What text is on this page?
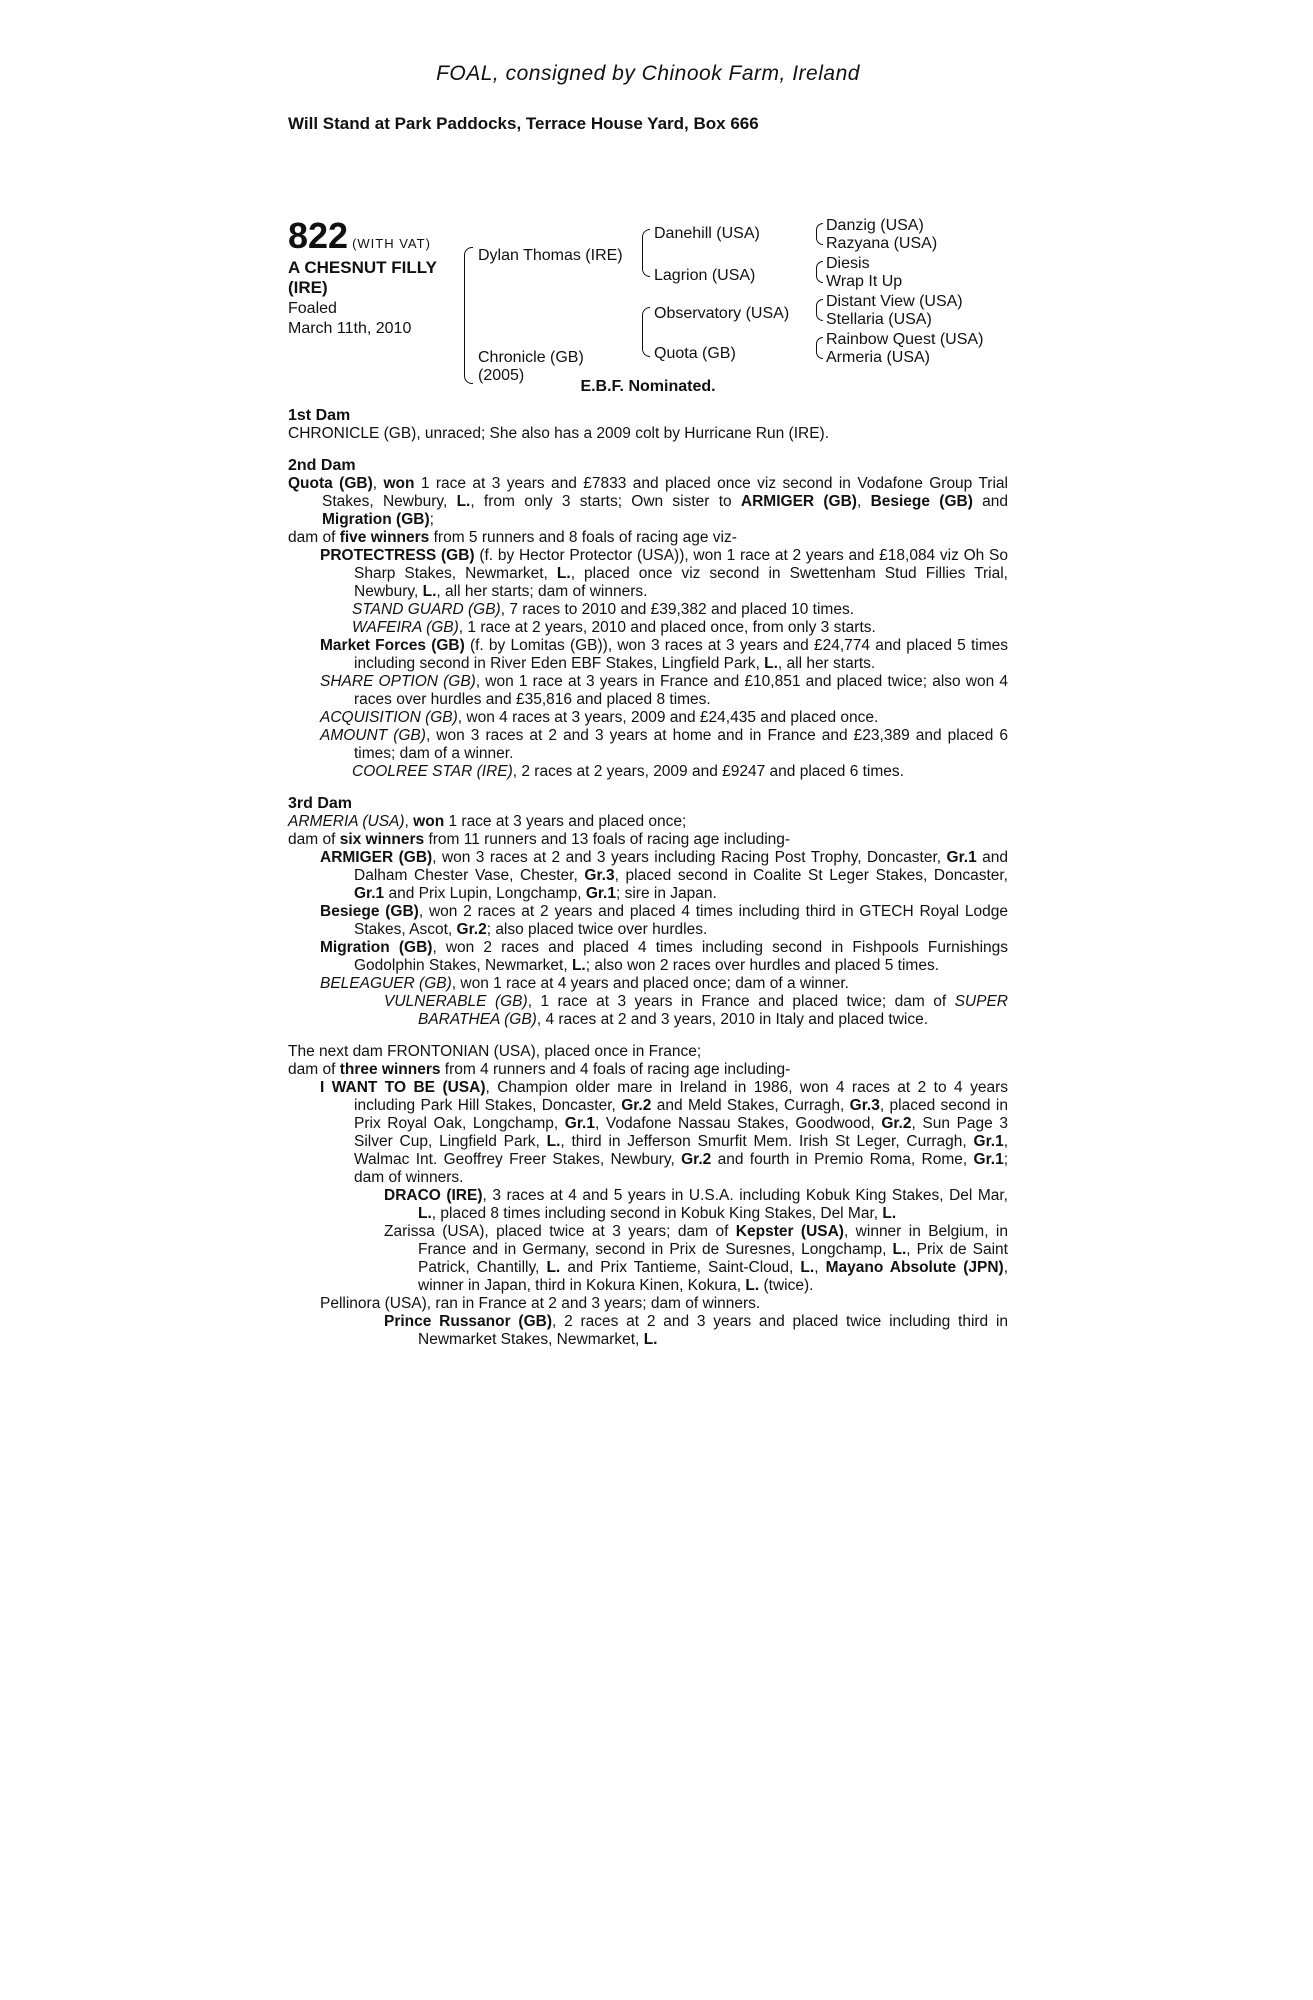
FOAL, consigned by Chinook Farm, Ireland
Will Stand at Park Paddocks, Terrace House Yard, Box 666
822 (WITH VAT)
A CHESNUT FILLY
(IRE)
Foaled
March 11th, 2010
Dylan Thomas (IRE)
Chronicle (GB)
(2005)
Danehill (USA)
Lagrion (USA)
Observatory (USA)
Quota (GB)
Danzig (USA)
Razyana (USA)
Diesis
Wrap It Up
Distant View (USA)
Stellaria (USA)
Rainbow Quest (USA)
Armeria (USA)
E.B.F. Nominated.
1st Dam

CHRONICLE (GB), unraced; She also has a 2009 colt by Hurricane Run (IRE).

2nd Dam

Quota (GB), won 1 race at 3 years and £7833 and placed once viz second in Vodafone Group Trial Stakes, Newbury, L., from only 3 starts; Own sister to ARMIGER (GB), Besiege (GB) and Migration (GB);

dam of five winners from 5 runners and 8 foals of racing age viz-

PROTECTRESS (GB) (f. by Hector Protector (USA)), won 1 race at 2 years and £18,084 viz Oh So Sharp Stakes, Newmarket, L., placed once viz second in Swettenham Stud Fillies Trial, Newbury, L., all her starts; dam of winners.

STAND GUARD (GB), 7 races to 2010 and £39,382 and placed 10 times.

WAFEIRA (GB), 1 race at 2 years, 2010 and placed once, from only 3 starts.

Market Forces (GB) (f. by Lomitas (GB)), won 3 races at 3 years and £24,774 and placed 5 times including second in River Eden EBF Stakes, Lingfield Park, L., all her starts.

SHARE OPTION (GB), won 1 race at 3 years in France and £10,851 and placed twice; also won 4 races over hurdles and £35,816 and placed 8 times.

ACQUISITION (GB), won 4 races at 3 years, 2009 and £24,435 and placed once.

AMOUNT (GB), won 3 races at 2 and 3 years at home and in France and £23,389 and placed 6 times; dam of a winner.

COOLREE STAR (IRE), 2 races at 2 years, 2009 and £9247 and placed 6 times.

3rd Dam

ARMERIA (USA), won 1 race at 3 years and placed once;

dam of six winners from 11 runners and 13 foals of racing age including-

ARMIGER (GB), won 3 races at 2 and 3 years including Racing Post Trophy, Doncaster, Gr.1 and Dalham Chester Vase, Chester, Gr.3, placed second in Coalite St Leger Stakes, Doncaster, Gr.1 and Prix Lupin, Longchamp, Gr.1; sire in Japan.

Besiege (GB), won 2 races at 2 years and placed 4 times including third in GTECH Royal Lodge Stakes, Ascot, Gr.2; also placed twice over hurdles.

Migration (GB), won 2 races and placed 4 times including second in Fishpools Furnishings Godolphin Stakes, Newmarket, L.; also won 2 races over hurdles and placed 5 times.

BELEAGUER (GB), won 1 race at 4 years and placed once; dam of a winner.

VULNERABLE (GB), 1 race at 3 years in France and placed twice; dam of SUPER BARATHEA (GB), 4 races at 2 and 3 years, 2010 in Italy and placed twice.

The next dam FRONTONIAN (USA), placed once in France;

dam of three winners from 4 runners and 4 foals of racing age including-

I WANT TO BE (USA), Champion older mare in Ireland in 1986, won 4 races at 2 to 4 years including Park Hill Stakes, Doncaster, Gr.2 and Meld Stakes, Curragh, Gr.3, placed second in Prix Royal Oak, Longchamp, Gr.1, Vodafone Nassau Stakes, Goodwood, Gr.2, Sun Page 3 Silver Cup, Lingfield Park, L., third in Jefferson Smurfit Mem. Irish St Leger, Curragh, Gr.1, Walmac Int. Geoffrey Freer Stakes, Newbury, Gr.2 and fourth in Premio Roma, Rome, Gr.1; dam of winners.

DRACO (IRE), 3 races at 4 and 5 years in U.S.A. including Kobuk King Stakes, Del Mar, L., placed 8 times including second in Kobuk King Stakes, Del Mar, L.

Zarissa (USA), placed twice at 3 years; dam of Kepster (USA), winner in Belgium, in France and in Germany, second in Prix de Suresnes, Longchamp, L., Prix de Saint Patrick, Chantilly, L. and Prix Tantieme, Saint-Cloud, L., Mayano Absolute (JPN), winner in Japan, third in Kokura Kinen, Kokura, L. (twice).

Pellinora (USA), ran in France at 2 and 3 years; dam of winners.

Prince Russanor (GB), 2 races at 2 and 3 years and placed twice including third in Newmarket Stakes, Newmarket, L.
